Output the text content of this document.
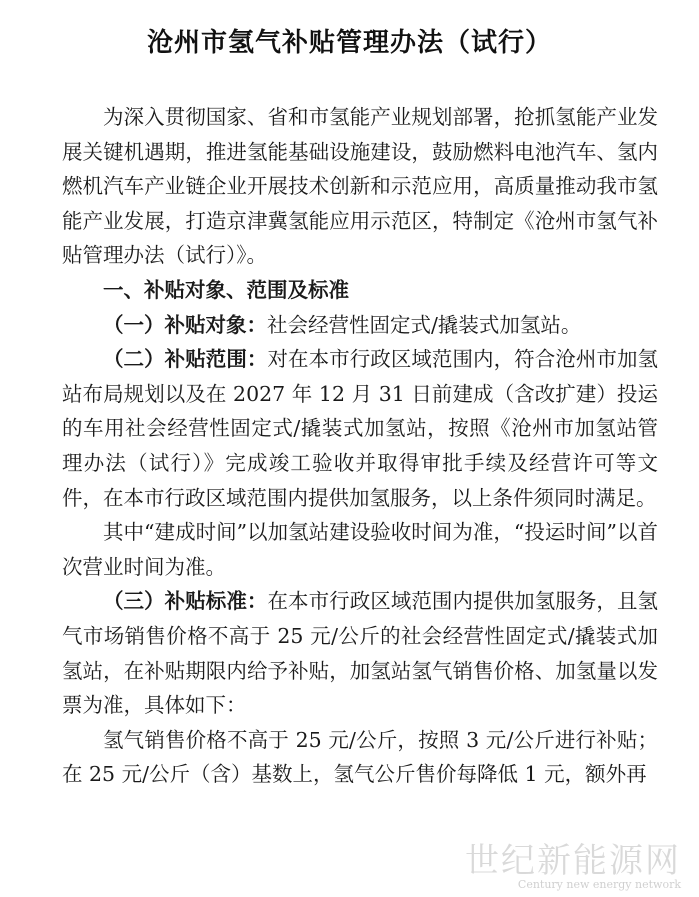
沧州市氢气补贴管理办法（试行）

为深入贯彻国家、省和市氢能产业规划部署，抢抓氢能产业发展关键机遇期，推进氢能基础设施建设，鼓励燃料电池汽车、氢内燃机汽车产业链企业开展技术创新和示范应用，高质量推动我市氢能产业发展，打造京津冀氢能应用示范区，特制定《沧州市氢气补贴管理办法（试行）》。

一、补贴对象、范围及标准

（一）补贴对象：社会经营性固定式/撬装式加氢站。

（二）补贴范围：对在本市行政区域范围内，符合沧州市加氢站布局规划以及在 2027 年 12 月 31 日前建成（含改扩建）投运的车用社会经营性固定式/撬装式加氢站，按照《沧州市加氢站管理办法（试行）》完成竣工验收并取得审批手续及经营许可等文件，在本市行政区域范围内提供加氢服务，以上条件须同时满足。

其中“建成时间”以加氢站建设验收时间为准，“投运时间”以首次营业时间为准。

（三）补贴标准：在本市行政区域范围内提供加氢服务，且氢气市场销售价格不高于 25 元/公斤的社会经营性固定式/撬装式加氢站，在补贴期限内给予补贴，加氢站氢气销售价格、加氢量以发票为准，具体如下：

氢气销售价格不高于 25 元/公斤，按照 3 元/公斤进行补贴；在 25 元/公斤（含）基数上，氢气公斤售价每降低 1 元，额外再

世纪新能源网
Century new energy network
